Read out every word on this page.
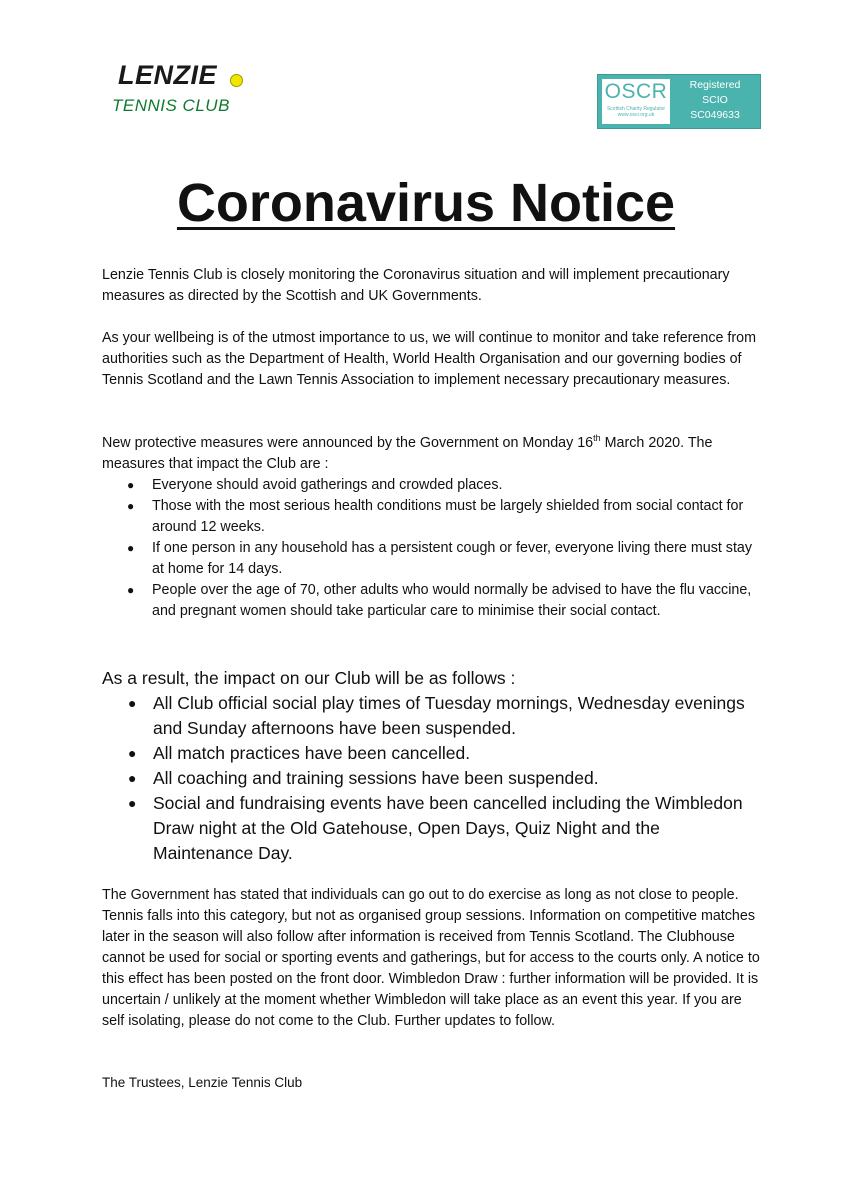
LENZIE
TENNIS CLUB
OSCR
Scottish Charity Regulator
www.oscr.org.uk
Registered
SCIO
SC049633
Coronavirus Notice

Lenzie Tennis Club is closely monitoring the Coronavirus situation and will implement precautionary measures as directed by the Scottish and UK Governments.

As your wellbeing is of the utmost importance to us, we will continue to monitor and take reference from authorities such as the Department of Health, World Health Organisation and our governing bodies of Tennis Scotland and the Lawn Tennis Association to implement necessary precautionary measures.

New protective measures were announced by the Government on Monday 16th March 2020. The measures that impact the Club are :

● Everyone should avoid gatherings and crowded places.
● Those with the most serious health conditions must be largely shielded from social contact for around 12 weeks.
● If one person in any household has a persistent cough or fever, everyone living there must stay at home for 14 days.
● People over the age of 70, other adults who would normally be advised to have the flu vaccine, and pregnant women should take particular care to minimise their social contact.

As a result, the impact on our Club will be as follows :

● All Club official social play times of Tuesday mornings, Wednesday evenings and Sunday afternoons have been suspended.
● All match practices have been cancelled.
● All coaching and training sessions have been suspended.
● Social and fundraising events have been cancelled including the Wimbledon Draw night at the Old Gatehouse, Open Days, Quiz Night and the Maintenance Day.

The Government has stated that individuals can go out to do exercise as long as not close to people. Tennis falls into this category, but not as organised group sessions. Information on competitive matches later in the season will also follow after information is received from Tennis Scotland. The Clubhouse cannot be used for social or sporting events and gatherings, but for access to the courts only. A notice to this effect has been posted on the front door. Wimbledon Draw : further information will be provided. It is uncertain / unlikely at the moment whether Wimbledon will take place as an event this year. If you are self isolating, please do not come to the Club. Further updates to follow.

The Trustees, Lenzie Tennis Club
